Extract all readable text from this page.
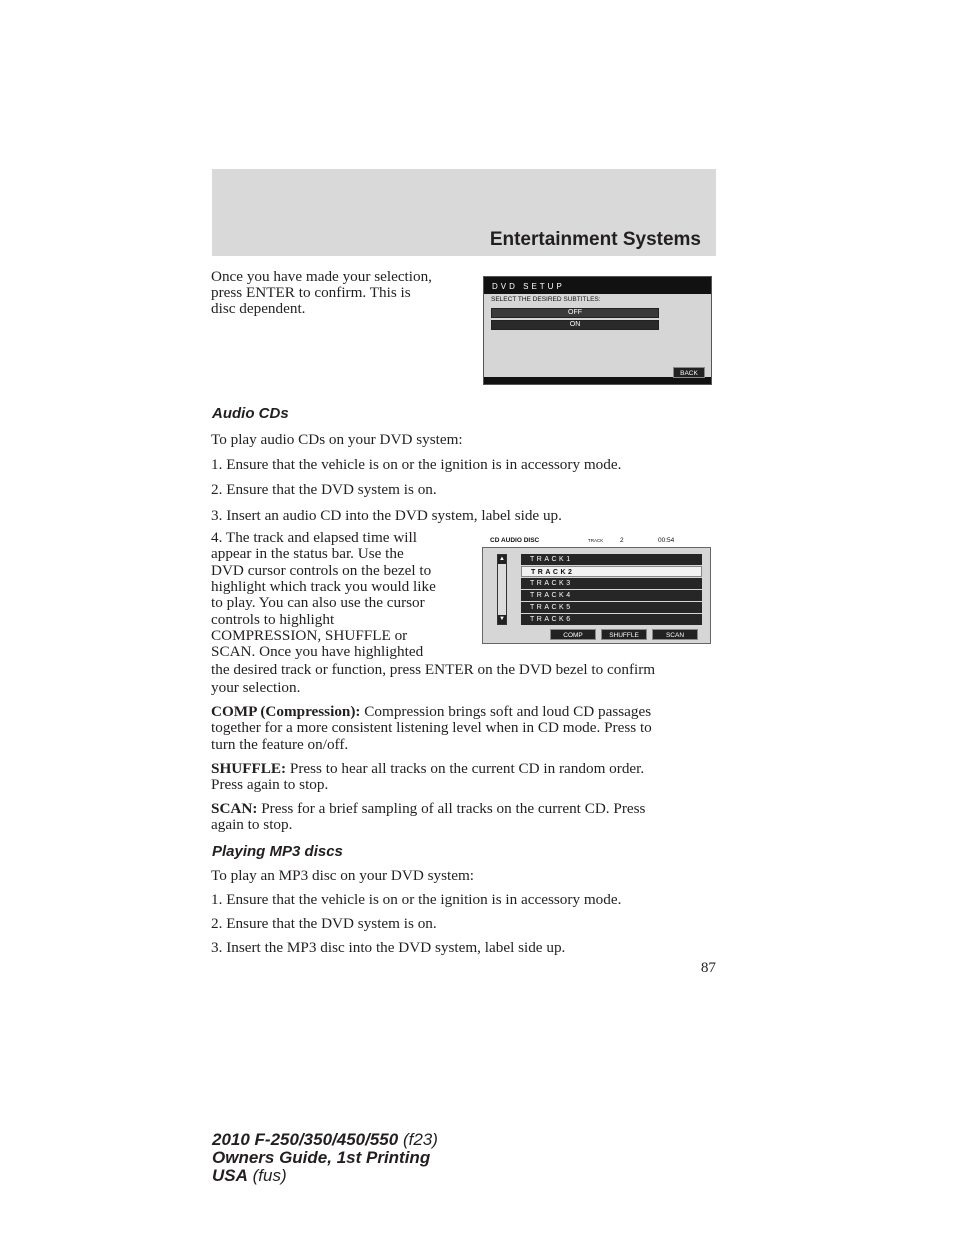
Entertainment Systems

Once you have made your selection,

press ENTER to confirm. This is

disc dependent.

DVD SETUP
SELECT THE DESIRED SUBTITLES:
OFF
ON
BACK
Audio CDs

To play audio CDs on your DVD system:

1. Ensure that the vehicle is on or the ignition is in accessory mode.

2. Ensure that the DVD system is on.

3. Insert an audio CD into the DVD system, label side up.

4. The track and elapsed time will

appear in the status bar. Use the

DVD cursor controls on the bezel to

highlight which track you would like

to play. You can also use the cursor

controls to highlight

COMPRESSION, SHUFFLE or

SCAN. Once you have highlighted

the desired track or function, press ENTER on the DVD bezel to confirm

your selection.

CD AUDIO DISC	TRACK	2	00:54
▲
▼
TRACK1
TRACK2
TRACK3
TRACK4
TRACK5
TRACK6
COMP	SHUFFLE	SCAN

COMP (Compression): Compression brings soft and loud CD passages

together for a more consistent listening level when in CD mode. Press to

turn the feature on/off.

SHUFFLE: Press to hear all tracks on the current CD in random order.

Press again to stop.

SCAN: Press for a brief sampling of all tracks on the current CD. Press

again to stop.

Playing MP3 discs

To play an MP3 disc on your DVD system:

1. Ensure that the vehicle is on or the ignition is in accessory mode.

2. Ensure that the DVD system is on.

3. Insert the MP3 disc into the DVD system, label side up.

87

2010 F-250/350/450/550 (f23)
Owners Guide, 1st Printing
USA (fus)
